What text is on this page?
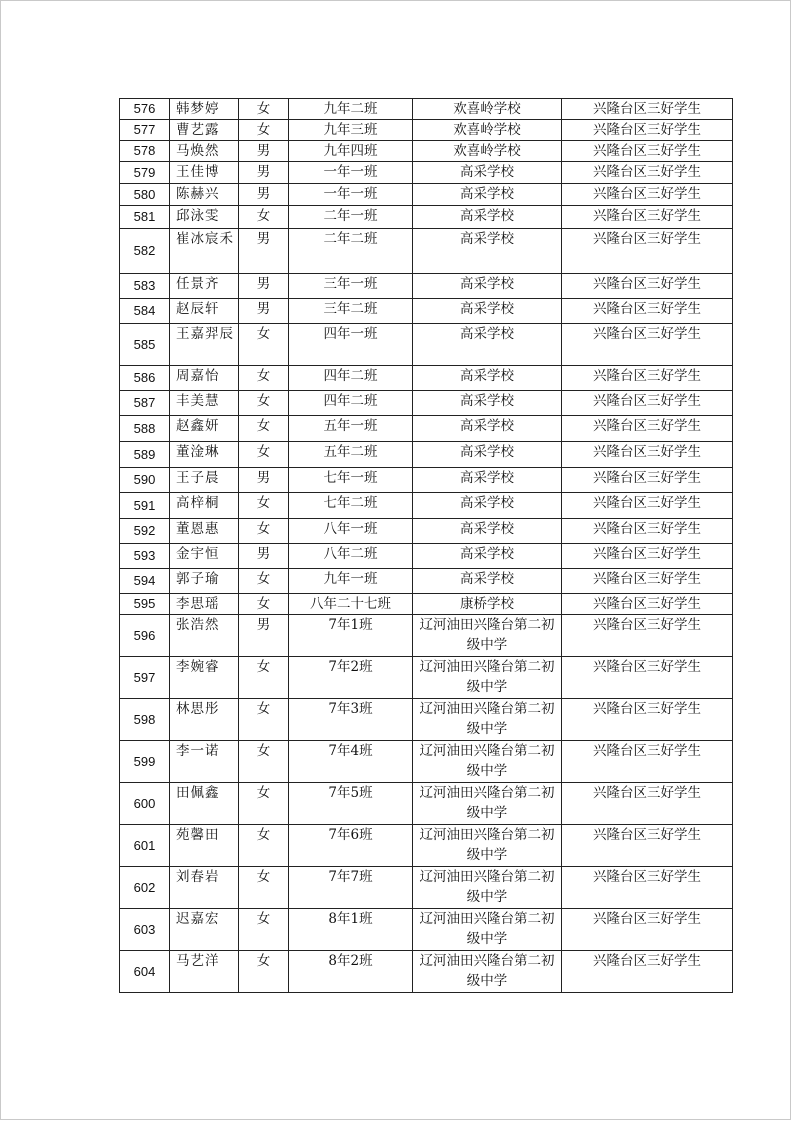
576	韩梦婷	女	九年二班	欢喜岭学校	兴隆台区三好学生
577	曹艺露	女	九年三班	欢喜岭学校	兴隆台区三好学生
578	马焕然	男	九年四班	欢喜岭学校	兴隆台区三好学生
579	王佳博	男	一年一班	高采学校	兴隆台区三好学生
580	陈赫兴	男	一年一班	高采学校	兴隆台区三好学生
581	邱泳雯	女	二年一班	高采学校	兴隆台区三好学生
582	崔冰宸禾	男	二年二班	高采学校	兴隆台区三好学生
583	任景齐	男	三年一班	高采学校	兴隆台区三好学生
584	赵辰轩	男	三年二班	高采学校	兴隆台区三好学生
585	王嘉羿辰	女	四年一班	高采学校	兴隆台区三好学生
586	周嘉怡	女	四年二班	高采学校	兴隆台区三好学生
587	丰美慧	女	四年二班	高采学校	兴隆台区三好学生
588	赵鑫妍	女	五年一班	高采学校	兴隆台区三好学生
589	董淦琳	女	五年二班	高采学校	兴隆台区三好学生
590	王子晨	男	七年一班	高采学校	兴隆台区三好学生
591	高梓桐	女	七年二班	高采学校	兴隆台区三好学生
592	董恩惠	女	八年一班	高采学校	兴隆台区三好学生
593	金宇恒	男	八年二班	高采学校	兴隆台区三好学生
594	郭子瑜	女	九年一班	高采学校	兴隆台区三好学生
595	李思瑶	女	八年二十七班	康桥学校	兴隆台区三好学生
596	张浩然	男	7年1班	辽河油田兴隆台第二初级中学	兴隆台区三好学生
597	李婉睿	女	7年2班	辽河油田兴隆台第二初级中学	兴隆台区三好学生
598	林思彤	女	7年3班	辽河油田兴隆台第二初级中学	兴隆台区三好学生
599	李一诺	女	7年4班	辽河油田兴隆台第二初级中学	兴隆台区三好学生
600	田佩鑫	女	7年5班	辽河油田兴隆台第二初级中学	兴隆台区三好学生
601	苑馨田	女	7年6班	辽河油田兴隆台第二初级中学	兴隆台区三好学生
602	刘春岩	女	7年7班	辽河油田兴隆台第二初级中学	兴隆台区三好学生
603	迟嘉宏	女	8年1班	辽河油田兴隆台第二初级中学	兴隆台区三好学生
604	马艺洋	女	8年2班	辽河油田兴隆台第二初级中学	兴隆台区三好学生
